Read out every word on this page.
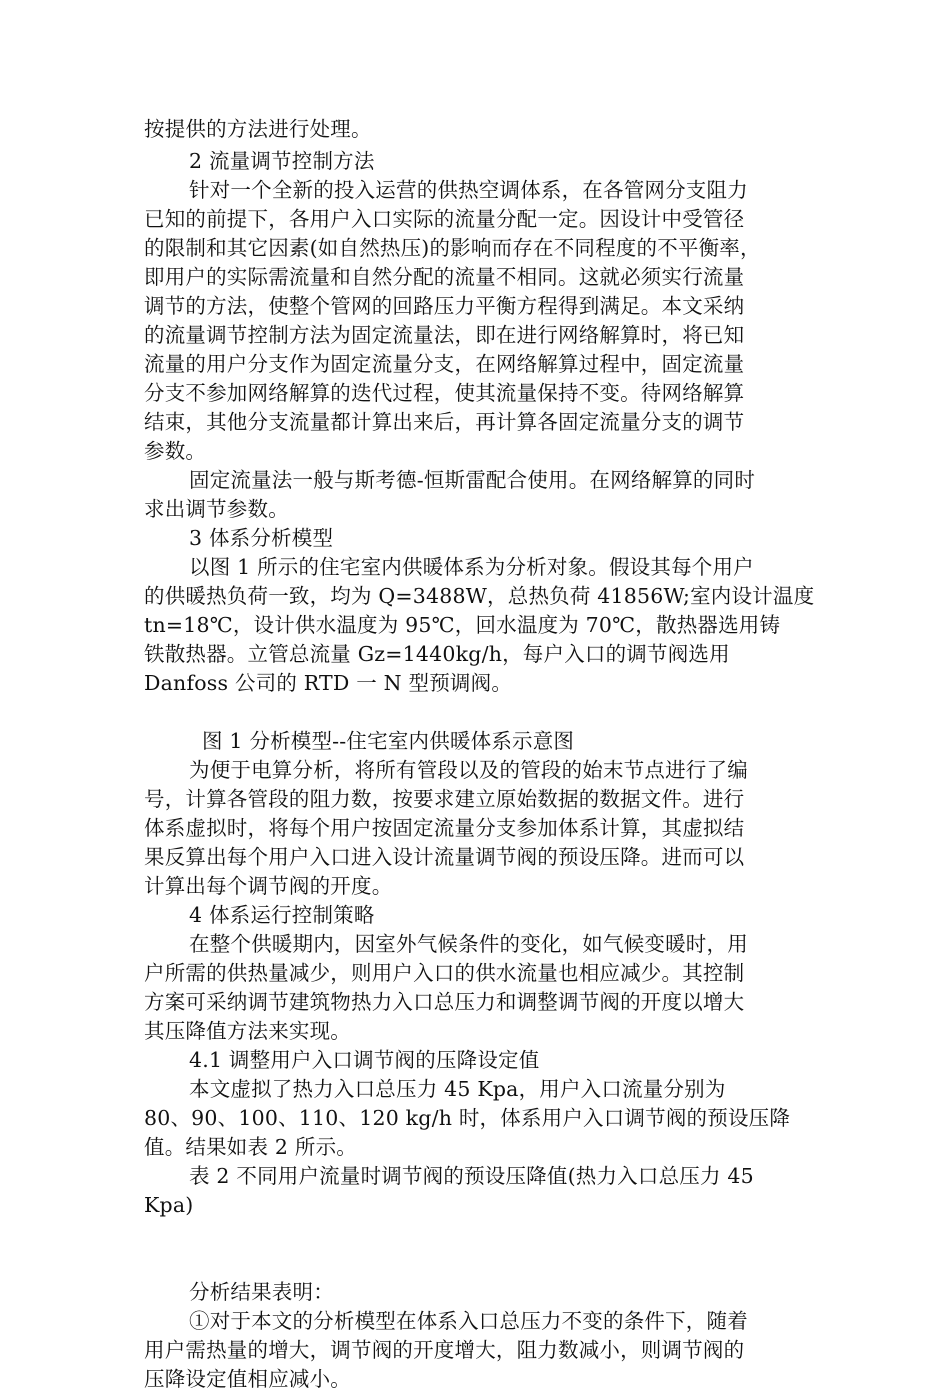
按提供的方法进行处理。
2 流量调节控制方法
针对一个全新的投入运营的供热空调体系，在各管网分支阻力
已知的前提下，各用户入口实际的流量分配一定。因设计中受管径
的限制和其它因素(如自然热压)的影响而存在不同程度的不平衡率，
即用户的实际需流量和自然分配的流量不相同。这就必须实行流量
调节的方法，使整个管网的回路压力平衡方程得到满足。本文采纳
的流量调节控制方法为固定流量法，即在进行网络解算时，将已知
流量的用户分支作为固定流量分支，在网络解算过程中，固定流量
分支不参加网络解算的迭代过程，使其流量保持不变。待网络解算
结束，其他分支流量都计算出来后，再计算各固定流量分支的调节
参数。
固定流量法一般与斯考德-恒斯雷配合使用。在网络解算的同时
求出调节参数。
3 体系分析模型
以图 1 所示的住宅室内供暖体系为分析对象。假设其每个用户
的供暖热负荷一致，均为 Q=3488W，总热负荷 41856W;室内设计温度
tn=18℃，设计供水温度为 95℃，回水温度为 70℃，散热器选用铸
铁散热器。立管总流量 Gz=1440kg/h，每户入口的调节阀选用
Danfoss 公司的 RTD 一 N 型预调阀。
图 1 分析模型--住宅室内供暖体系示意图
为便于电算分析，将所有管段以及的管段的始末节点进行了编
号，计算各管段的阻力数，按要求建立原始数据的数据文件。进行
体系虚拟时，将每个用户按固定流量分支参加体系计算，其虚拟结
果反算出每个用户入口进入设计流量调节阀的预设压降。进而可以
计算出每个调节阀的开度。
4 体系运行控制策略
在整个供暖期内，因室外气候条件的变化，如气候变暖时，用
户所需的供热量减少，则用户入口的供水流量也相应减少。其控制
方案可采纳调节建筑物热力入口总压力和调整调节阀的开度以增大
其压降值方法来实现。
4.1 调整用户入口调节阀的压降设定值
本文虚拟了热力入口总压力 45 Kpa，用户入口流量分别为
80、90、100、110、120 kg/h 时，体系用户入口调节阀的预设压降
值。结果如表 2 所示。
表 2 不同用户流量时调节阀的预设压降值(热力入口总压力 45
Kpa)
分析结果表明：
①对于本文的分析模型在体系入口总压力不变的条件下，随着
用户需热量的增大，调节阀的开度增大，阻力数减小，则调节阀的
压降设定值相应减小。
